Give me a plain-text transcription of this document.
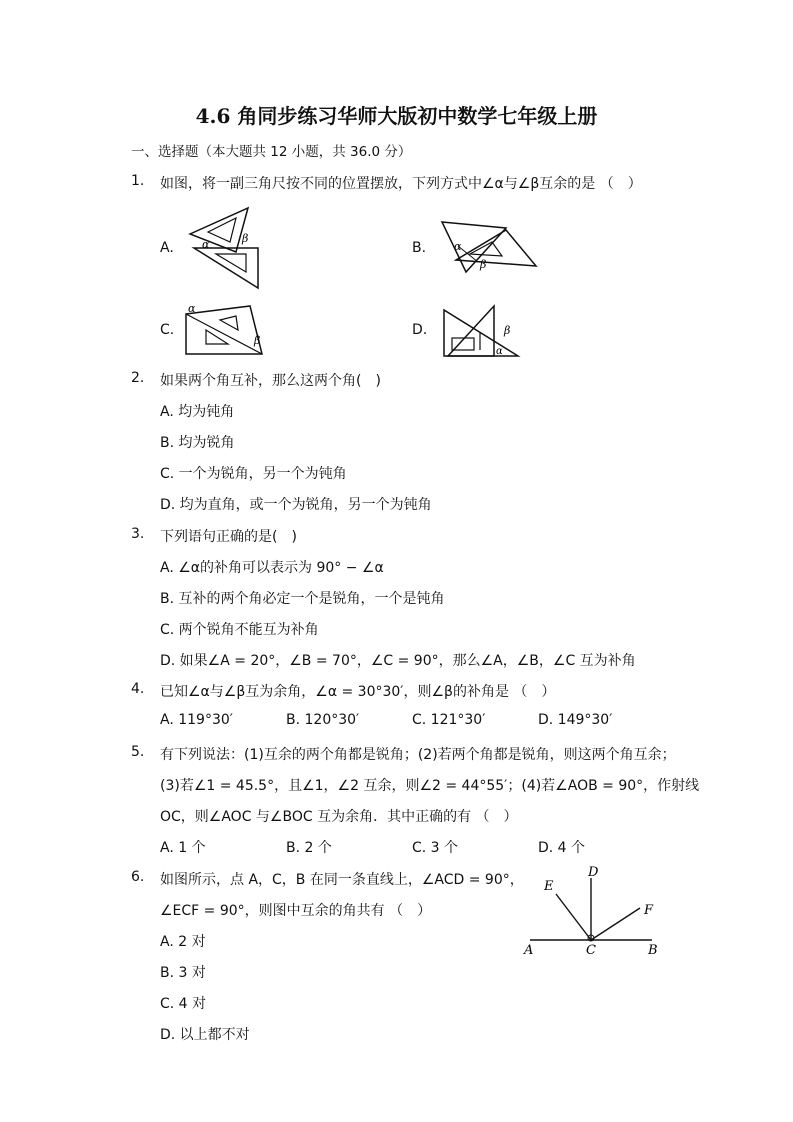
4.6 角同步练习华师大版初中数学七年级上册
一、选择题（本大题共 12 小题，共 36.0 分）
1. 如图，将一副三角尺按不同的位置摆放，下列方式中∠α与∠β互余的是 （　）
A.	α	β
B.	α
β
C.
α
β
D.	β
α
2. 如果两个角互补，那么这两个角(　)
A. 均为钝角
B. 均为锐角
C. 一个为锐角，另一个为钝角
D. 均为直角，或一个为锐角，另一个为钝角
3. 下列语句正确的是(　)
A. ∠α的补角可以表示为 90° − ∠α
B. 互补的两个角必定一个是锐角，一个是钝角
C. 两个锐角不能互为补角
D. 如果∠A = 20°，∠B = 70°，∠C = 90°，那么∠A，∠B，∠C 互为补角
4. 已知∠α与∠β互为余角，∠α = 30°30′，则∠β的补角是 （　）
A. 119°30′	B. 120°30′	C. 121°30′	D. 149°30′
5. 有下列说法：(1)互余的两个角都是锐角；(2)若两个角都是锐角，则这两个角互余；
(3)若∠1 = 45.5°，且∠1，∠2 互余，则∠2 = 44°55′；(4)若∠AOB = 90°，作射线
OC，则∠AOC 与∠BOC 互为余角．其中正确的有 （　）
A. 1 个	B. 2 个	C. 3 个	D. 4 个
6. 如图所示，点 A，C，B 在同一条直线上，∠ACD = 90°，
∠ECF = 90°，则图中互余的角共有 （　）
A. 2 对
B. 3 对
C. 4 对
D. 以上都不对
A	C	B
D
E
F
